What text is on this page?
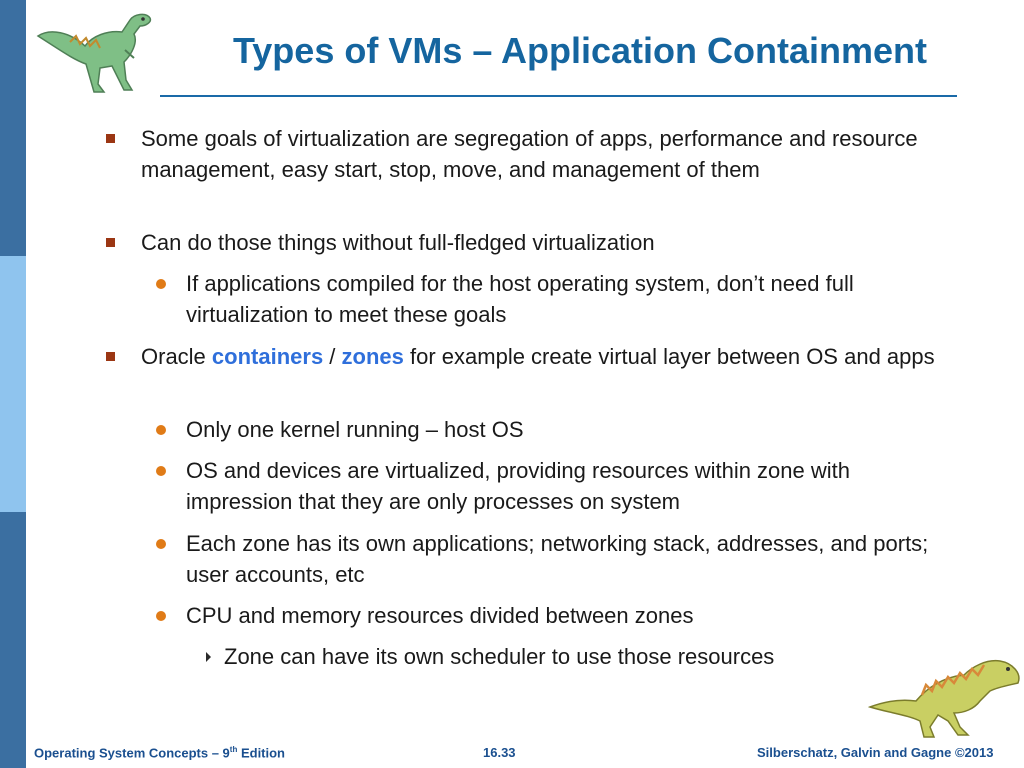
Types of VMs – Application Containment
Some goals of virtualization are segregation of apps, performance and resource management, easy start, stop, move, and management of them
Can do those things without full-fledged virtualization
If applications compiled for the host operating system, don’t need full virtualization to meet these goals
Oracle containers / zones for example create virtual layer between OS and apps
Only one kernel running – host OS
OS and devices are virtualized, providing resources within zone with impression that they are only processes on system
Each zone has its own applications; networking stack, addresses, and ports; user accounts, etc
CPU and memory resources divided between zones
Zone can have its own scheduler to use those resources
Operating System Concepts – 9th Edition	16.33	Silberschatz, Galvin and Gagne ©2013
